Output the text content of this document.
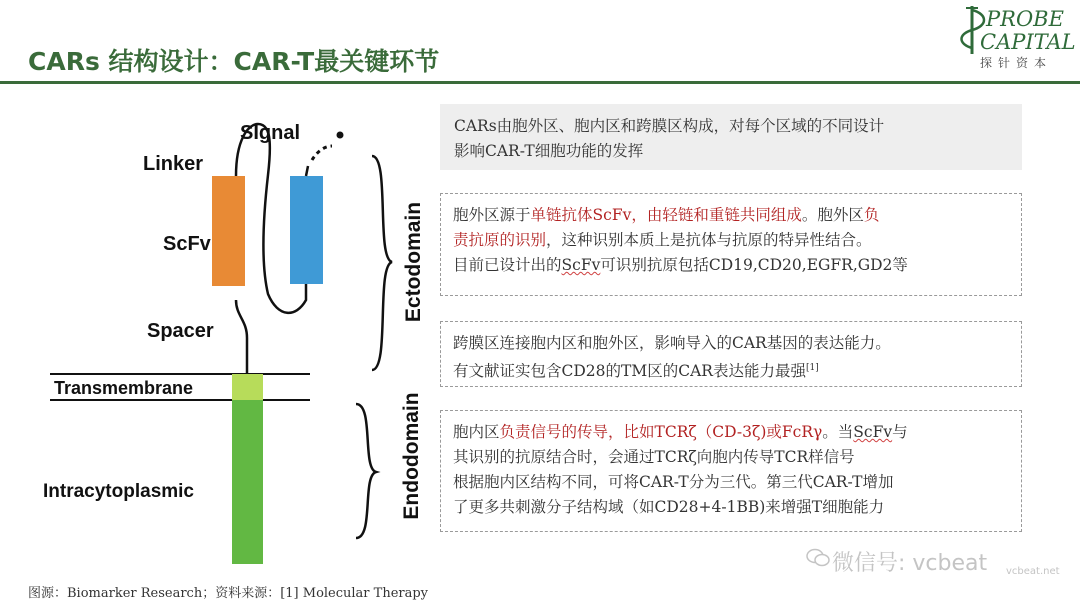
CARs 结构设计：CAR-T最关键环节
PROBE
CAPITAL
探针资本
SIgnal
Linker
ScFv
Spacer
Transmembrane
Intracytoplasmic
Ectodomain
Endodomain
CARs由胞外区、胞内区和跨膜区构成，对每个区域的不同设计
影响CAR-T细胞功能的发挥
胞外区源于单链抗体ScFv，由轻链和重链共同组成。胞外区负
责抗原的识别，这种识别本质上是抗体与抗原的特异性结合。
目前已设计出的ScFv可识别抗原包括CD19,CD20,EGFR,GD2等
跨膜区连接胞内区和胞外区，影响导入的CAR基因的表达能力。
有文献证实包含CD28的TM区的CAR表达能力最强[1]
胞内区负责信号的传导，比如TCRζ（CD-3ζ)或FcRγ。当ScFv与
其识别的抗原结合时，会通过TCRζ向胞内传导TCR样信号
根据胞内区结构不同，可将CAR-T分为三代。第三代CAR-T增加
了更多共刺激分子结构域（如CD28+4-1BB)来增强T细胞能力
图源：Biomarker Research；资料来源：[1] Molecular Therapy
微信号: vcbeat vcbeat.net
